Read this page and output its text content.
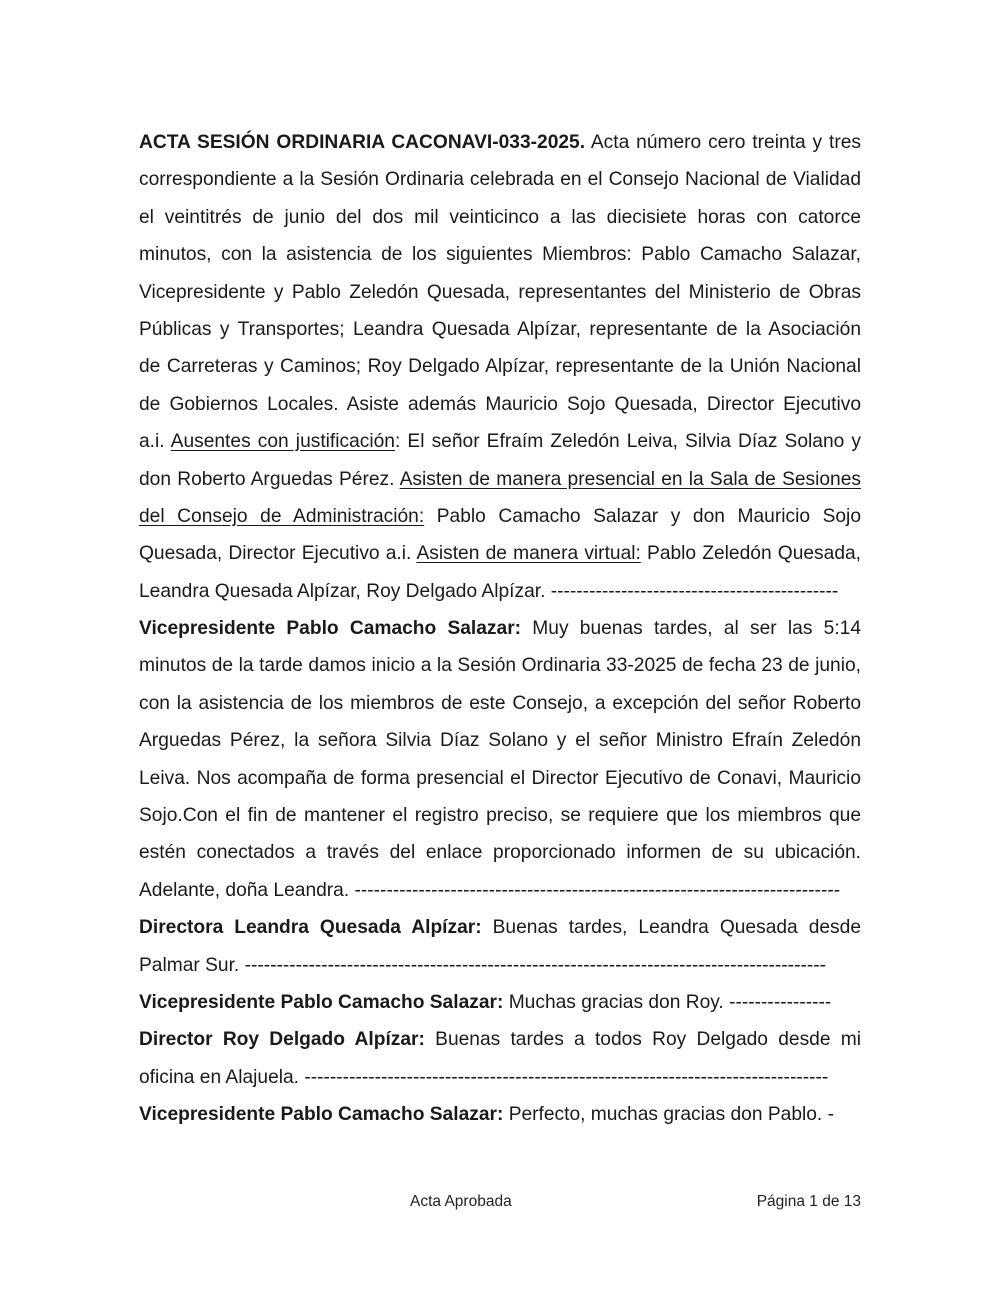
ACTA SESIÓN ORDINARIA CACONAVI-033-2025. Acta número cero treinta y tres
correspondiente a la Sesión Ordinaria celebrada en el Consejo Nacional de Vialidad
el veintitrés de junio del dos mil veinticinco a las diecisiete horas con catorce
minutos, con la asistencia de los siguientes Miembros: Pablo Camacho Salazar,
Vicepresidente y Pablo Zeledón Quesada, representantes del Ministerio de Obras
Públicas y Transportes; Leandra Quesada Alpízar, representante de la Asociación
de Carreteras y Caminos; Roy Delgado Alpízar, representante de la Unión Nacional
de Gobiernos Locales. Asiste además Mauricio Sojo Quesada, Director Ejecutivo
a.i. Ausentes con justificación: El señor Efraím Zeledón Leiva, Silvia Díaz Solano y
don Roberto Arguedas Pérez. Asisten de manera presencial en la Sala de Sesiones
del Consejo de Administración: Pablo Camacho Salazar y don Mauricio Sojo
Quesada, Director Ejecutivo a.i. Asisten de manera virtual: Pablo Zeledón Quesada,
Leandra Quesada Alpízar, Roy Delgado Alpízar. ---------------------------------------------
Vicepresidente Pablo Camacho Salazar: Muy buenas tardes, al ser las 5:14
minutos de la tarde damos inicio a la Sesión Ordinaria 33-2025 de fecha 23 de junio,
con la asistencia de los miembros de este Consejo, a excepción del señor Roberto
Arguedas Pérez, la señora Silvia Díaz Solano y el señor Ministro Efraín Zeledón
Leiva. Nos acompaña de forma presencial el Director Ejecutivo de Conavi, Mauricio
Sojo.Con el fin de mantener el registro preciso, se requiere que los miembros que
estén conectados a través del enlace proporcionado informen de su ubicación.
Adelante, doña Leandra. ----------------------------------------------------------------------------
Directora Leandra Quesada Alpízar: Buenas tardes, Leandra Quesada desde
Palmar Sur. -------------------------------------------------------------------------------------------
Vicepresidente Pablo Camacho Salazar: Muchas gracias don Roy. ----------------
Director Roy Delgado Alpízar: Buenas tardes a todos Roy Delgado desde mi
oficina en Alajuela. ----------------------------------------------------------------------------------
Vicepresidente Pablo Camacho Salazar: Perfecto, muchas gracias don Pablo. -
Acta Aprobada	Página 1 de 13
